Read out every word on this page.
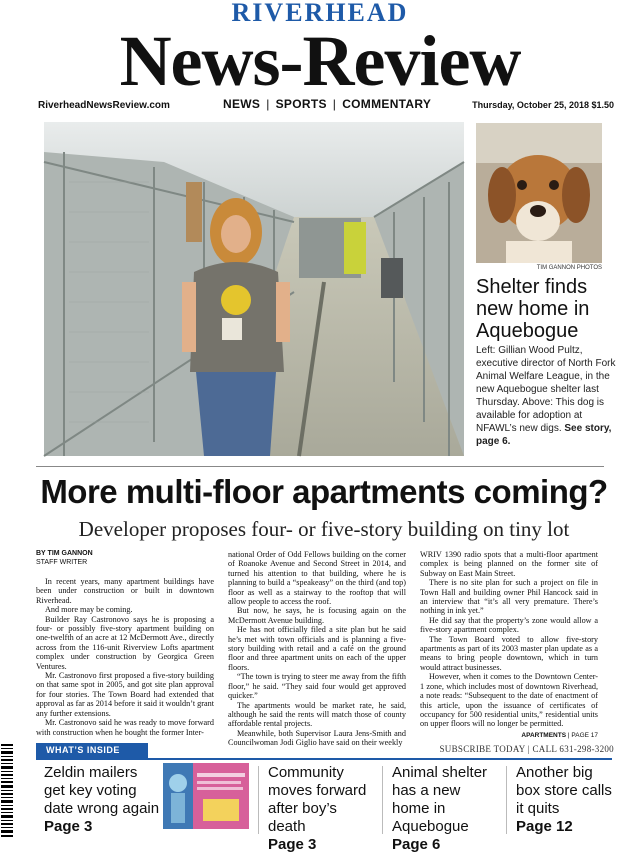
RIVERHEAD
News-Review
RiverheadNewsReview.com	NEWS | SPORTS | COMMENTARY	Thursday, October 25, 2018 $1.50
TIM GANNON PHOTOS
Shelter finds new home in Aquebogue
Left: Gillian Wood Pultz, executive director of North Fork Animal Welfare League, in the new Aquebogue shelter last Thursday. Above: This dog is available for adoption at NFAWL’s new digs. See story, page 6.
More multi-floor apartments coming?
Developer proposes four- or five-story building on tiny lot
BY TIM GANNON
STAFF WRITER

In recent years, many apartment buildings have been under construction or built in downtown Riverhead.

And more may be coming.

Builder Ray Castronovo says he is proposing a four- or possibly five-story apartment building on one-twelfth of an acre at 12 McDermott Ave., directly across from the 116-unit Riverview Lofts apartment complex under construction by Georgica Green Ventures.

Mr. Castronovo first proposed a five-story building on that same spot in 2005, and got site plan approval for four stories. The Town Board had extended that approval as far as 2014 before it said it wouldn’t grant any further extensions.

Mr. Castronovo said he was ready to move forward with construction when he bought the former Inter-

national Order of Odd Fellows building on the corner of Roanoke Avenue and Second Street in 2014, and turned his attention to that building, where he is planning to build a “speakeasy” on the third (and top) floor as well as a stairway to the rooftop that will allow people to access the roof.

But now, he says, he is focusing again on the McDermott Avenue building.

He has not officially filed a site plan but he said he’s met with town officials and is planning a five-story building with retail and a café on the ground floor and three apartment units on each of the upper floors.

“The town is trying to steer me away from the fifth floor,” he said. “They said four would get approved quicker.”

The apartments would be market rate, he said, although he said the rents will match those of county affordable rental projects.

Meanwhile, both Supervisor Laura Jens-Smith and Councilwoman Jodi Giglio have said on their weekly

WRIV 1390 radio spots that a multi-floor apartment complex is being planned on the former site of Subway on East Main Street.

There is no site plan for such a project on file in Town Hall and building owner Phil Hancock said in an interview that “it’s all very premature. There’s nothing in ink yet.”

He did say that the property’s zone would allow a five-story apartment complex.

The Town Board voted to allow five-story apartments as part of its 2003 master plan update as a means to bring people downtown, which in turn would attract businesses.

However, when it comes to the Downtown Center-1 zone, which includes most of downtown Riverhead, a note reads: “Subsequent to the date of enactment of this article, upon the issuance of certificates of occupancy for 500 residential units,” residential units on upper floors will no longer be permitted.

APARTMENTS | PAGE 17
WHAT’S INSIDE	SUBSCRIBE TODAY | CALL 631-298-3200
Zeldin mailers get key voting date wrong again
Page 3
Community moves forward after boy’s death
Page 3
Animal shelter has a new home in Aquebogue
Page 6
Another big box store calls it quits
Page 12
